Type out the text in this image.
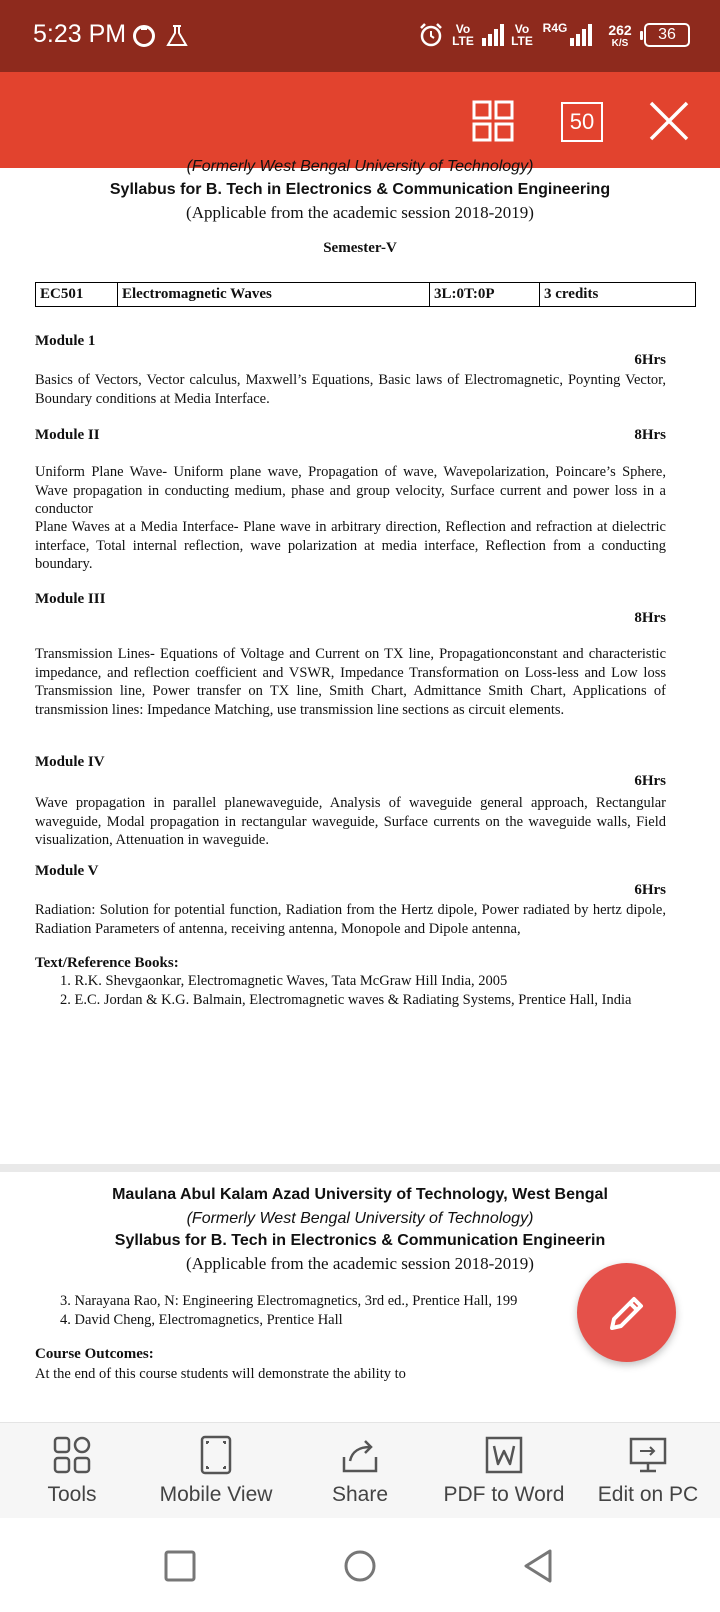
5:23 PM	Vo LTE
Vo LTE
R4G	262
K/S
36
50
(Formerly West Bengal University of Technology)
Syllabus for B. Tech in Electronics & Communication Engineering
(Applicable from the academic session 2018-2019)
Semester-V
EC501	Electromagnetic Waves	3L:0T:0P	3 credits
Module 1
6Hrs
Basics of Vectors, Vector calculus, Maxwell’s Equations, Basic laws of Electromagnetic, Poynting Vector, Boundary conditions at Media Interface.
Module II	8Hrs
Uniform Plane Wave- Uniform plane wave, Propagation of wave, Wavepolarization, Poincare’s Sphere, Wave propagation in conducting medium, phase and group velocity, Surface current and power loss in a conductor
Plane Waves at a Media Interface- Plane wave in arbitrary direction, Reflection and refraction at dielectric interface, Total internal reflection, wave polarization at media interface, Reflection from a conducting boundary.
Module III
8Hrs
Transmission Lines- Equations of Voltage and Current on TX line, Propagationconstant and characteristic impedance, and reflection coefficient and VSWR, Impedance Transformation on Loss-less and Low loss Transmission line, Power transfer on TX line, Smith Chart, Admittance Smith Chart, Applications of transmission lines: Impedance Matching, use transmission line sections as circuit elements.
Module IV
6Hrs
Wave propagation in parallel planewaveguide, Analysis of waveguide general approach, Rectangular waveguide, Modal propagation in rectangular waveguide, Surface currents on the waveguide walls, Field visualization, Attenuation in waveguide.
Module V
6Hrs
Radiation: Solution for potential function, Radiation from the Hertz dipole, Power radiated by hertz dipole, Radiation Parameters of antenna, receiving antenna, Monopole and Dipole antenna,
Text/Reference Books:
1. R.K. Shevgaonkar, Electromagnetic Waves, Tata McGraw Hill India, 2005
2. E.C. Jordan & K.G. Balmain, Electromagnetic waves & Radiating Systems, Prentice Hall, India
Maulana Abul Kalam Azad University of Technology, West Bengal
(Formerly West Bengal University of Technology)
Syllabus for B. Tech in Electronics & Communication Engineerin
(Applicable from the academic session 2018-2019)
3. Narayana Rao, N: Engineering Electromagnetics, 3rd ed., Prentice Hall, 199
4. David Cheng, Electromagnetics, Prentice Hall
Course Outcomes:
At the end of this course students will demonstrate the ability to
Tools	Mobile View	Share	PDF to Word	Edit on PC
